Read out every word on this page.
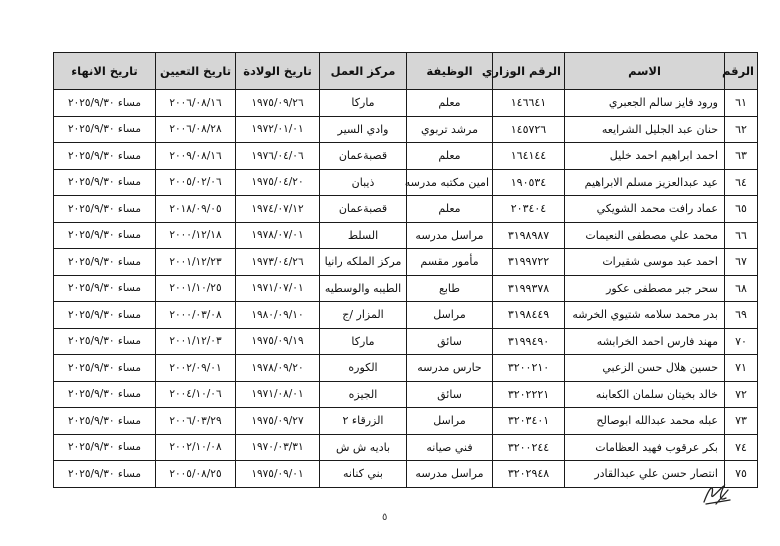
الرقم	الاسم	الرقم الوزاري	الوظيفة	مركز العمل	تاريخ الولادة	تاريخ التعيين	تاريخ الانهاء
٦١	ورود فايز سالم الجعبري	١٤٦٦٤١	معلم	ماركا	١٩٧٥/٠٩/٢٦	٢٠٠٦/٠٨/١٦	مساء ٢٠٢٥/٩/٣٠
٦٢	حنان عبد الجليل الشرايعه	١٤٥٧٢٦	مرشد تربوي	وادي السير	١٩٧٢/٠١/٠١	٢٠٠٦/٠٨/٢٨	مساء ٢٠٢٥/٩/٣٠
٦٣	احمد ابراهيم احمد خليل	١٦٤١٤٤	معلم	قصبةعمان	١٩٧٦/٠٤/٠٦	٢٠٠٩/٠٨/١٦	مساء ٢٠٢٥/٩/٣٠
٦٤	عيد عبدالعزيز مسلم الابراهيم	١٩٠٥٣٤	امين مكتبه مدرسه	ذيبان	١٩٧٥/٠٤/٢٠	٢٠٠٥/٠٢/٠٦	مساء ٢٠٢٥/٩/٣٠
٦٥	عماد رافت محمد الشويكي	٢٠٣٤٠٤	معلم	قصبةعمان	١٩٧٤/٠٧/١٢	٢٠١٨/٠٩/٠٥	مساء ٢٠٢٥/٩/٣٠
٦٦	محمد علي مصطفى النعيمات	٣١٩٨٩٨٧	مراسل مدرسه	السلط	١٩٧٨/٠٧/٠١	٢٠٠٠/١٢/١٨	مساء ٢٠٢٥/٩/٣٠
٦٧	احمد عبد موسى شقيرات	٣١٩٩٧٢٢	مأمور مقسم	مركز الملكه رانيا	١٩٧٣/٠٤/٢٦	٢٠٠١/١٢/٢٣	مساء ٢٠٢٥/٩/٣٠
٦٨	سحر جبر مصطفى عكور	٣١٩٩٣٧٨	طابع	الطيبه والوسطيه	١٩٧١/٠٧/٠١	٢٠٠١/١٠/٢٥	مساء ٢٠٢٥/٩/٣٠
٦٩	بدر محمد سلامه شتيوي الخرشه	٣١٩٨٤٤٩	مراسل	المزار /ج	١٩٨٠/٠٩/١٠	٢٠٠٠/٠٣/٠٨	مساء ٢٠٢٥/٩/٣٠
٧٠	مهند فارس احمد الخرابشه	٣١٩٩٤٩٠	سائق	ماركا	١٩٧٥/٠٩/١٩	٢٠٠١/١٢/٠٣	مساء ٢٠٢٥/٩/٣٠
٧١	حسين هلال حسن الزعبي	٣٢٠٠٢١٠	حارس مدرسه	الكوره	١٩٧٨/٠٩/٢٠	٢٠٠٢/٠٩/٠١	مساء ٢٠٢٥/٩/٣٠
٧٢	خالد بخيتان سلمان الكعابنه	٣٢٠٢٢٢١	سائق	الجيزه	١٩٧١/٠٨/٠١	٢٠٠٤/١٠/٠٦	مساء ٢٠٢٥/٩/٣٠
٧٣	عبله محمد عبدالله ابوصالح	٣٢٠٣٤٠١	مراسل	الزرقاء ٢	١٩٧٥/٠٩/٢٧	٢٠٠٦/٠٣/٢٩	مساء ٢٠٢٥/٩/٣٠
٧٤	بكر عرقوب فهيد العظامات	٣٢٠٠٢٤٤	فني صيانه	باديه ش ش	١٩٧٠/٠٣/٣١	٢٠٠٢/١٠/٠٨	مساء ٢٠٢٥/٩/٣٠
٧٥	انتصار حسن علي عبدالقادر	٣٢٠٢٩٤٨	مراسل مدرسه	بني كنانه	١٩٧٥/٠٩/٠١	٢٠٠٥/٠٨/٢٥	مساء ٢٠٢٥/٩/٣٠
٥
